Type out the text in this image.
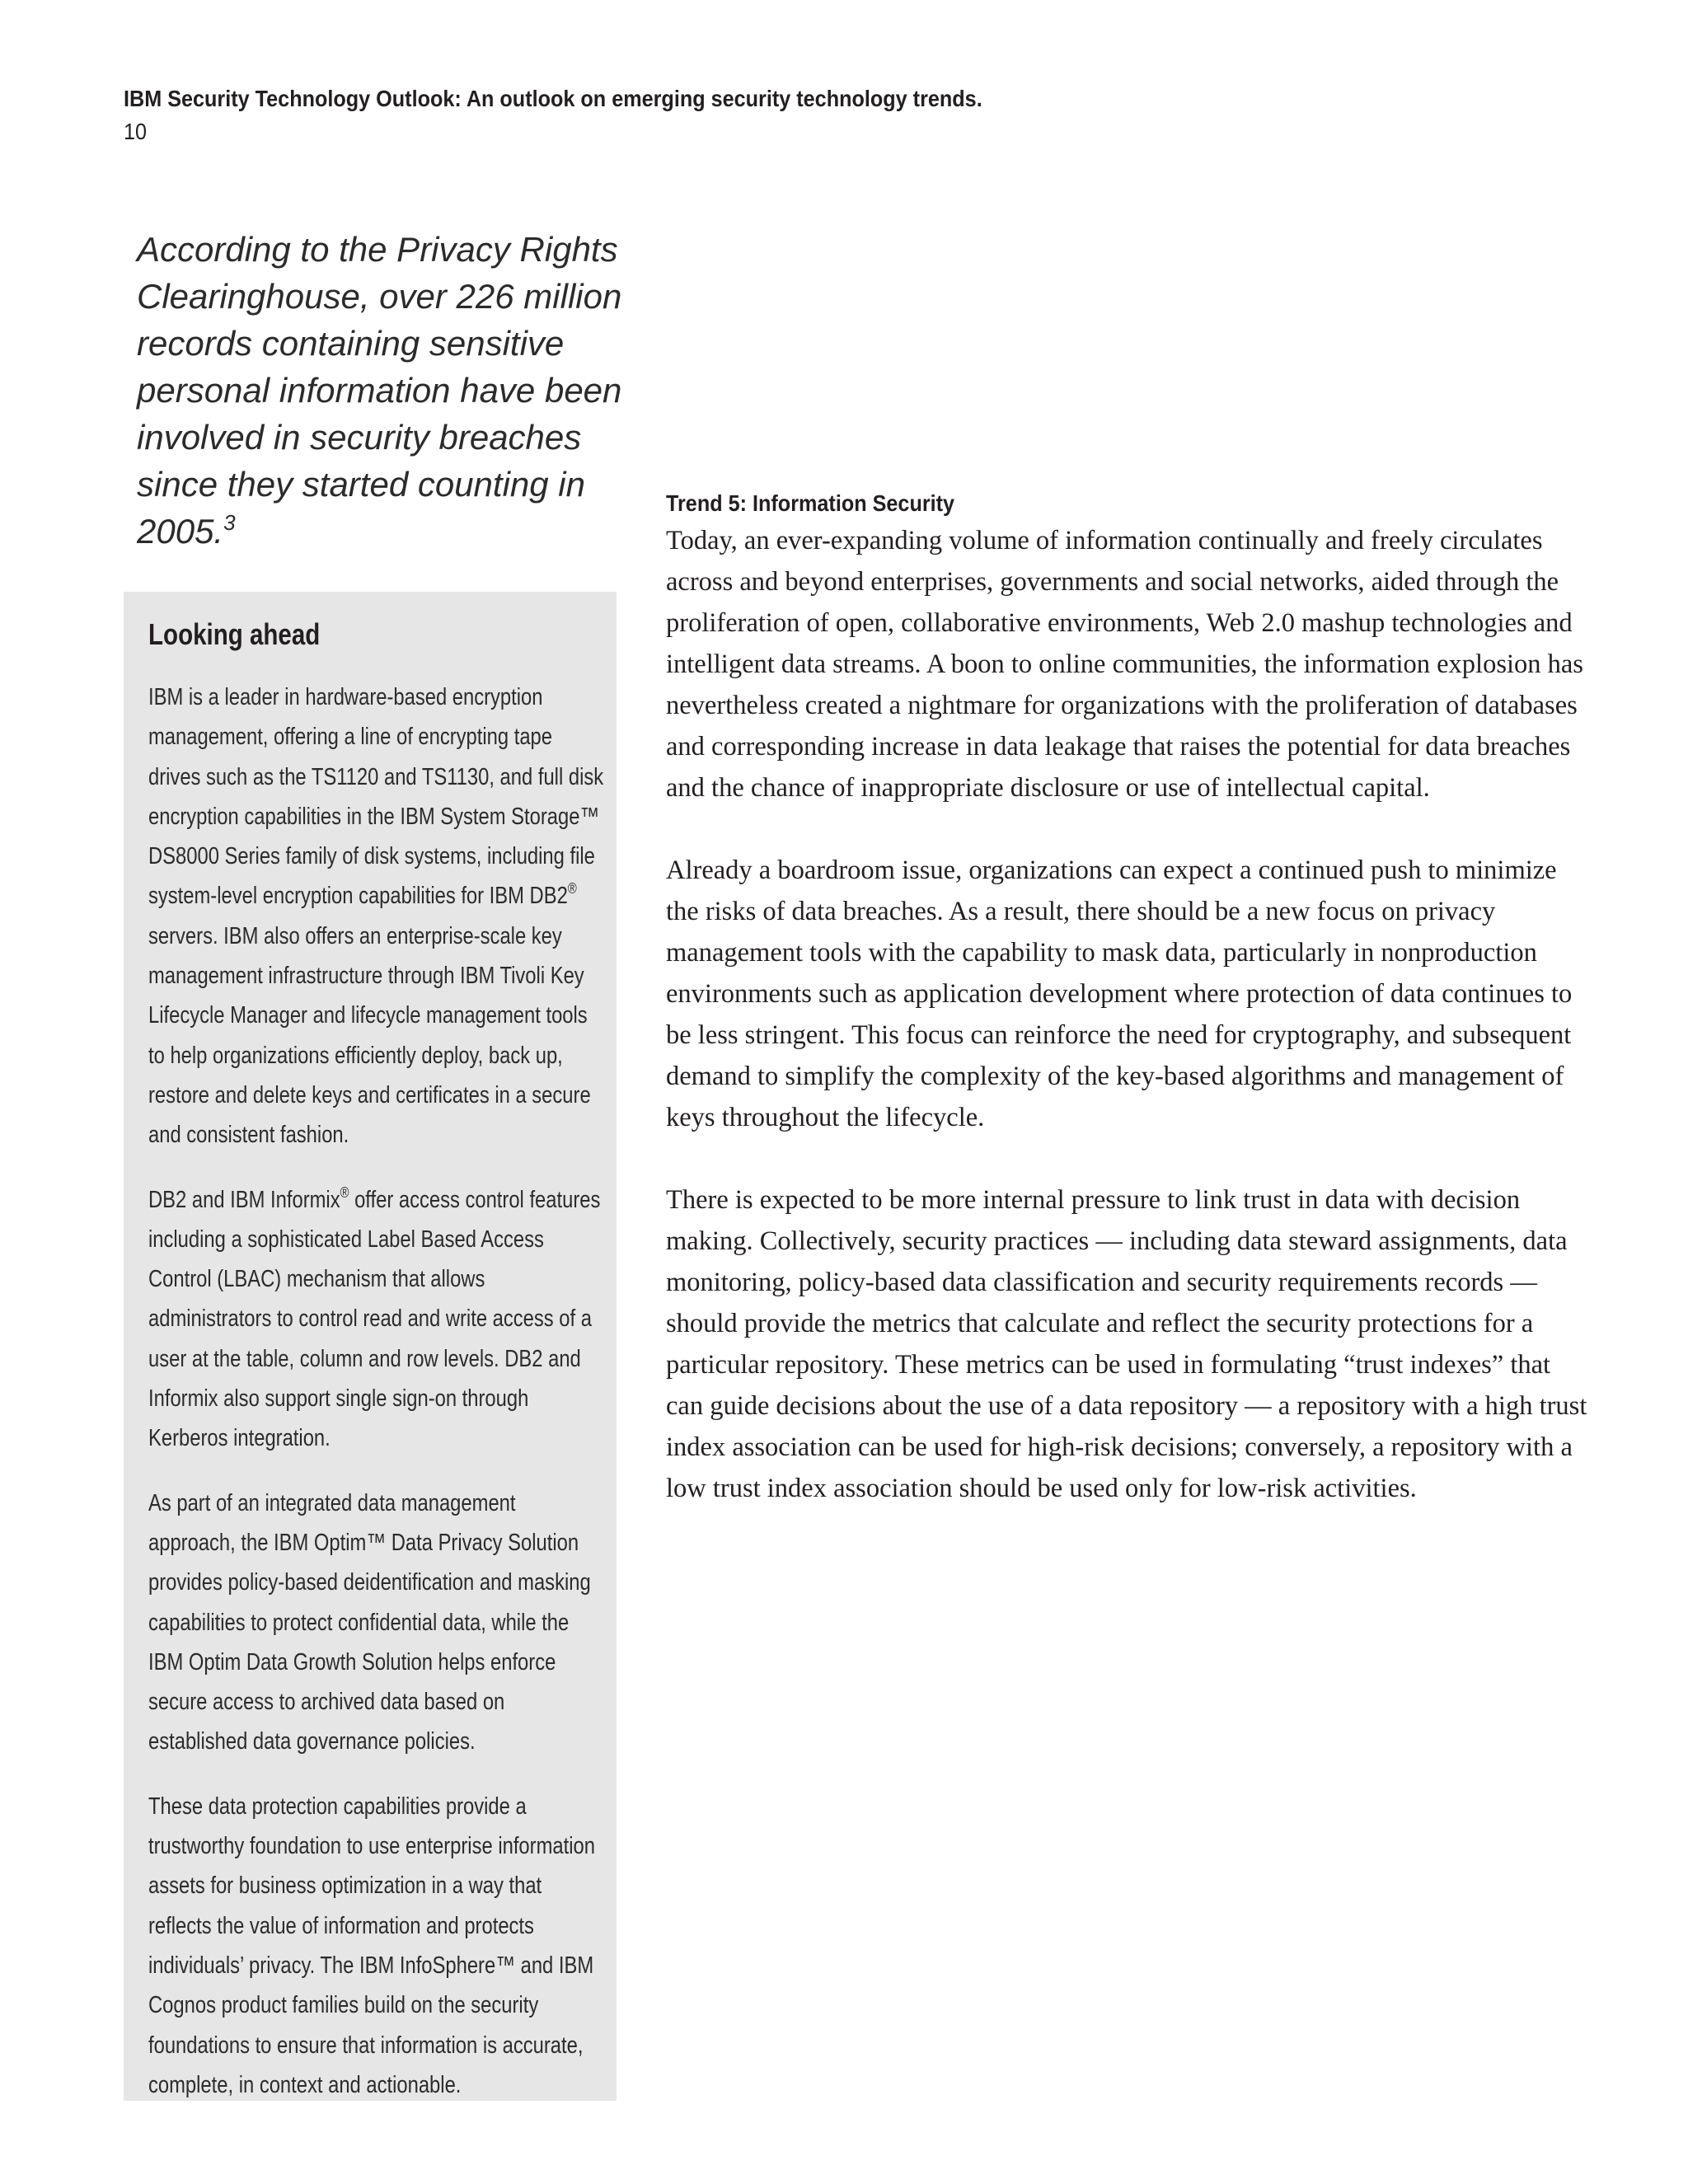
IBM Security Technology Outlook: An outlook on emerging security technology trends.
10
According to the Privacy Rights Clearinghouse, over 226 million records containing sensitive personal information have been involved in security breaches since they started counting in 2005.$^3$
Looking ahead

IBM is a leader in hardware-based encryption management, offering a line of encrypting tape drives such as the TS1120 and TS1130, and full disk encryption capabilities in the IBM System Storage™ DS8000 Series family of disk systems, including file system-level encryption capabilities for IBM DB2® servers. IBM also offers an enterprise-scale key management infrastructure through IBM Tivoli Key Lifecycle Manager and lifecycle management tools to help organizations efficiently deploy, back up, restore and delete keys and certificates in a secure and consistent fashion.

DB2 and IBM Informix® offer access control features including a sophisticated Label Based Access Control (LBAC) mechanism that allows administrators to control read and write access of a user at the table, column and row levels. DB2 and Informix also support single sign-on through Kerberos integration.

As part of an integrated data management approach, the IBM Optim™ Data Privacy Solution provides policy-based deidentification and masking capabilities to protect confidential data, while the IBM Optim Data Growth Solution helps enforce secure access to archived data based on established data governance policies.

These data protection capabilities provide a trustworthy foundation to use enterprise information assets for business optimization in a way that reflects the value of information and protects individuals’ privacy. The IBM InfoSphere™ and IBM Cognos product families build on the security foundations to ensure that information is accurate, complete, in context and actionable.

Trend 5: Information Security

Today, an ever-expanding volume of information continually and freely circulates across and beyond enterprises, governments and social networks, aided through the proliferation of open, collaborative environments, Web 2.0 mashup technologies and intelligent data streams. A boon to online communities, the information explosion has nevertheless created a nightmare for organizations with the proliferation of databases and corresponding increase in data leakage that raises the potential for data breaches and the chance of inappropriate disclosure or use of intellectual capital.

Already a boardroom issue, organizations can expect a continued push to minimize the risks of data breaches. As a result, there should be a new focus on privacy management tools with the capability to mask data, particularly in nonproduction environments such as application development where protection of data continues to be less stringent. This focus can reinforce the need for cryptography, and subsequent demand to simplify the complexity of the key-based algorithms and management of keys throughout the lifecycle.

There is expected to be more internal pressure to link trust in data with decision making. Collectively, security practices — including data steward assignments, data monitoring, policy-based data classification and security requirements records — should provide the metrics that calculate and reflect the security protections for a particular repository. These metrics can be used in formulating “trust indexes” that can guide decisions about the use of a data repository — a repository with a high trust index association can be used for high-risk decisions; conversely, a repository with a low trust index association should be used only for low-risk activities.
